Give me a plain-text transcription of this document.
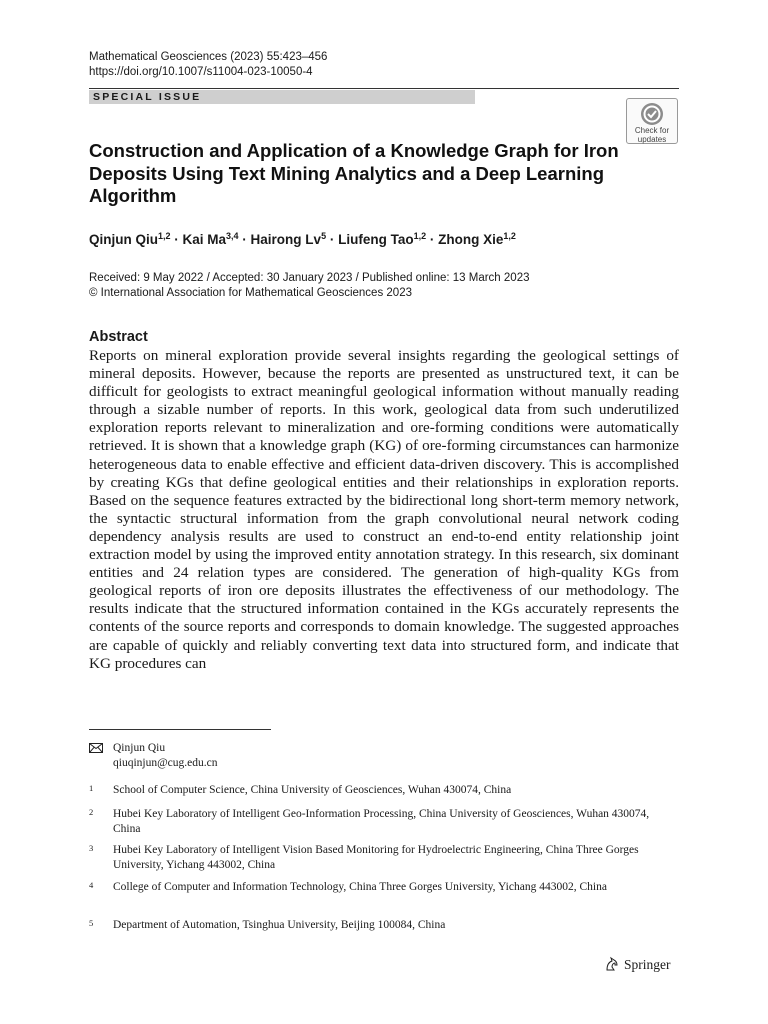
Mathematical Geosciences (2023) 55:423–456
https://doi.org/10.1007/s11004-023-10050-4
SPECIAL ISSUE
Check for
updates
Construction and Application of a Knowledge Graph for Iron Deposits Using Text Mining Analytics and a Deep Learning Algorithm
Qinjun Qiu$^{1,2}$ · Kai Ma$^{3,4}$ · Hairong $Lv^5$ · Liufeng Tao$^{1,2}$ · Zhong Xie$^{1,2}$
Received: 9 May 2022 / Accepted: 30 January 2023 / Published online: 13 March 2023
© International Association for Mathematical Geosciences 2023
Abstract
Reports on mineral exploration provide several insights regarding the geological settings of mineral deposits. However, because the reports are presented as unstructured text, it can be difficult for geologists to extract meaningful geological information without manually reading through a sizable number of reports. In this work, geological data from such underutilized exploration reports relevant to mineralization and ore-forming conditions were automatically retrieved. It is shown that a knowledge graph (KG) of ore-forming circumstances can harmonize heterogeneous data to enable effective and efficient data-driven discovery. This is accomplished by creating KGs that define geological entities and their relationships in exploration reports. Based on the sequence features extracted by the bidirectional long short-term memory network, the syntactic structural information from the graph convolutional neural network coding dependency analysis results are used to construct an end-to-end entity relationship joint extraction model by using the improved entity annotation strategy. In this research, six dominant entities and 24 relation types are considered. The generation of high-quality KGs from geological reports of iron ore deposits illustrates the effectiveness of our methodology. The results indicate that the structured information contained in the KGs accurately represents the contents of the source reports and corresponds to domain knowledge. The suggested approaches are capable of quickly and reliably converting text data into structured form, and indicate that KG procedures can
Qinjun Qiu
qiuqinjun@cug.edu.cn
1 School of Computer Science, China University of Geosciences, Wuhan 430074, China
2 Hubei Key Laboratory of Intelligent Geo-Information Processing, China University of Geosciences, Wuhan 430074, China
3 Hubei Key Laboratory of Intelligent Vision Based Monitoring for Hydroelectric Engineering, China Three Gorges University, Yichang 443002, China
4 College of Computer and Information Technology, China Three Gorges University, Yichang 443002, China
5 Department of Automation, Tsinghua University, Beijing 100084, China
Springer
